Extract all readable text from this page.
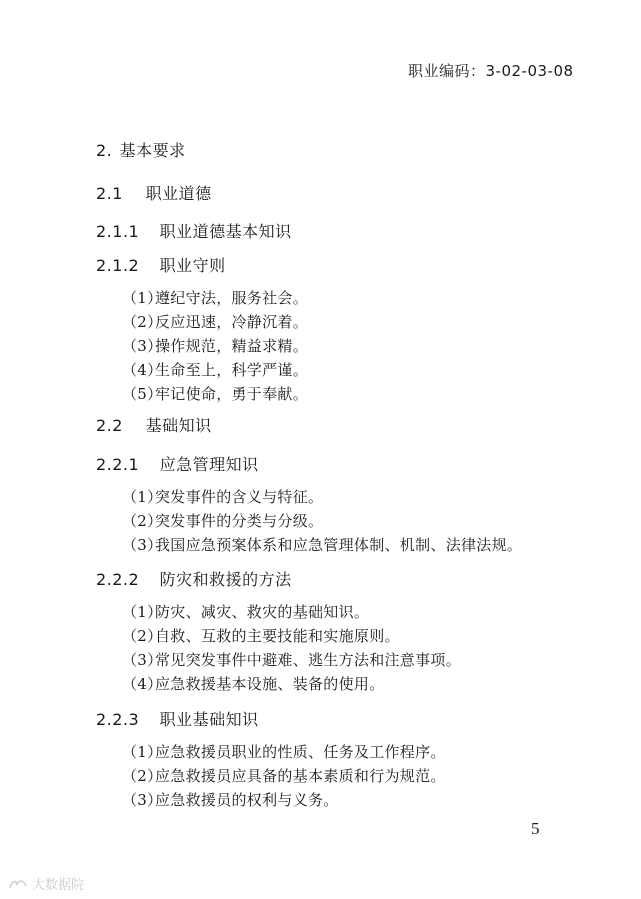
职业编码：3-02-03-08
2. 基本要求
2.1 职业道德
2.1.1 职业道德基本知识
2.1.2 职业守则
（1）遵纪守法，服务社会。
（2）反应迅速，冷静沉着。
（3）操作规范，精益求精。
（4）生命至上，科学严谨。
（5）牢记使命，勇于奉献。
2.2 基础知识
2.2.1 应急管理知识
（1）突发事件的含义与特征。
（2）突发事件的分类与分级。
（3）我国应急预案体系和应急管理体制、机制、法律法规。
2.2.2 防灾和救援的方法
（1）防灾、减灾、救灾的基础知识。
（2）自救、互救的主要技能和实施原则。
（3）常见突发事件中避难、逃生方法和注意事项。
（4）应急救援基本设施、装备的使用。
2.2.3 职业基础知识
（1）应急救援员职业的性质、任务及工作程序。
（2）应急救援员应具备的基本素质和行为规范。
（3）应急救援员的权利与义务。
5
大数据院
